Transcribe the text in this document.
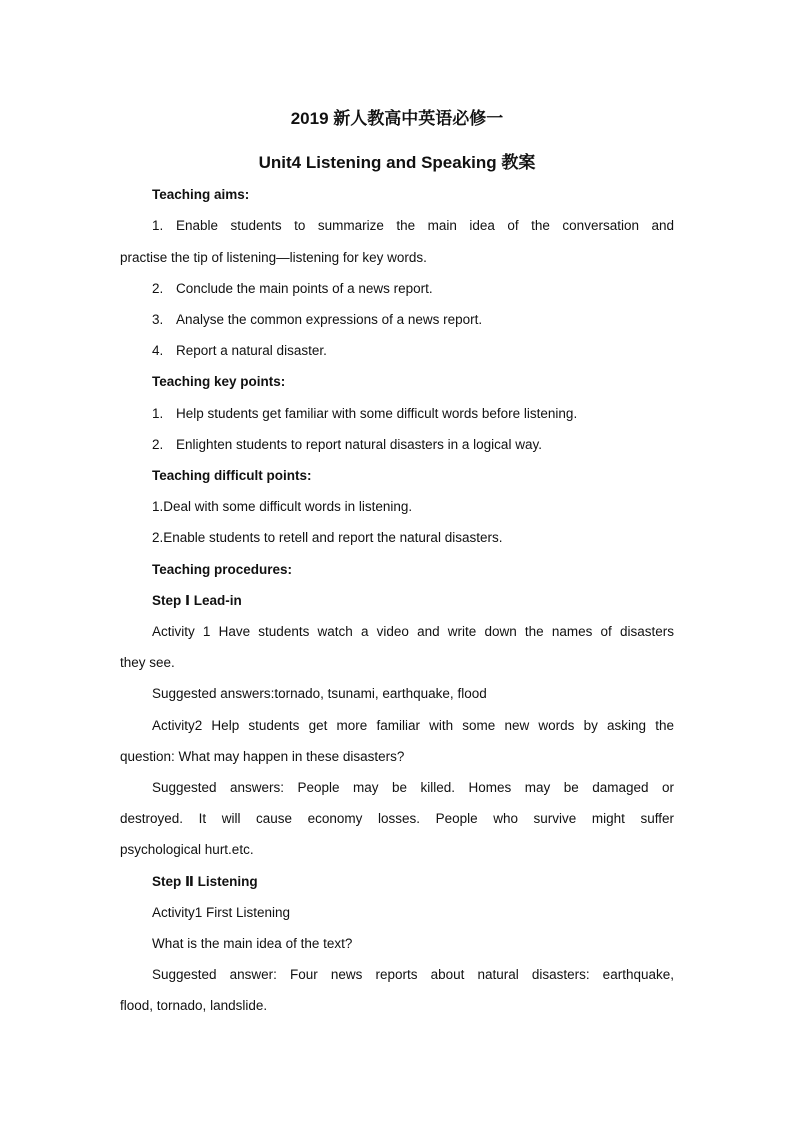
2019 新人教高中英语必修一
Unit4 Listening and Speaking 教案
Teaching aims:
1. Enable students to summarize the main idea of the conversation and
practise the tip of listening—listening for key words.
2. Conclude the main points of a news report.
3. Analyse the common expressions of a news report.
4. Report a natural disaster.
Teaching key points:
1. Help students get familiar with some difficult words before listening.
2. Enlighten students to report natural disasters in a logical way.
Teaching difficult points:
1.Deal with some difficult words in listening.
2.Enable students to retell and report the natural disasters.
Teaching procedures:
Step Ⅰ Lead-in
Activity 1 Have students watch a video and write down the names of disasters
they see.
Suggested answers:tornado, tsunami, earthquake, flood
Activity2 Help students get more familiar with some new words by asking the
question: What may happen in these disasters?
Suggested answers: People may be killed. Homes may be damaged or
destroyed. It will cause economy losses. People who survive might suffer
psychological hurt.etc.
Step Ⅱ Listening
Activity1 First Listening
What is the main idea of the text?
Suggested answer: Four news reports about natural disasters: earthquake,
flood, tornado, landslide.
